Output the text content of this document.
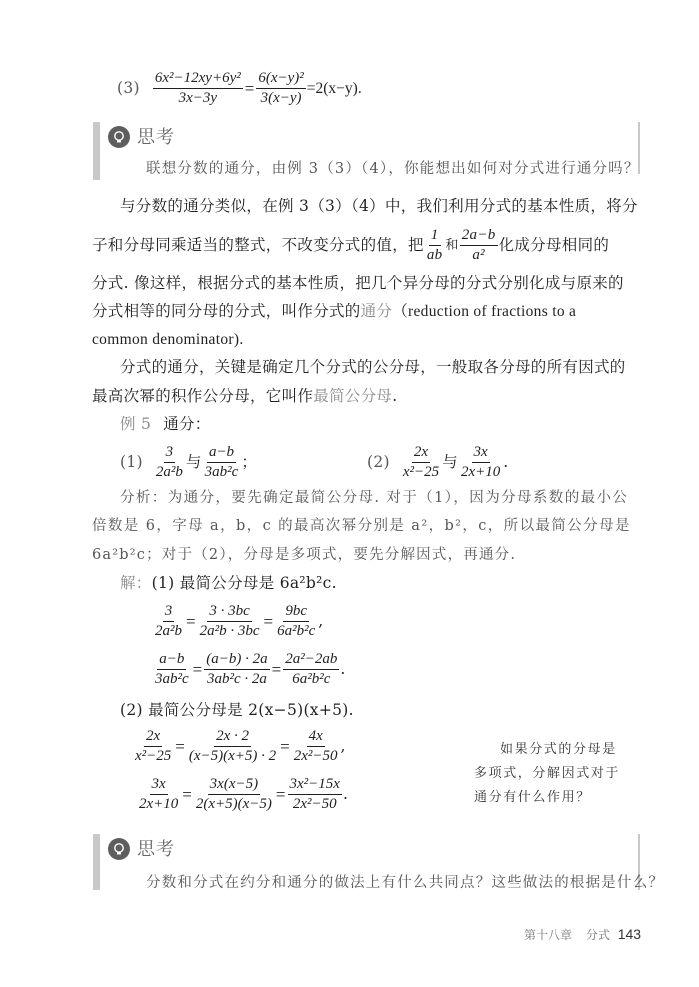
$(3) \frac{\text{6x²−12xy+6y²}}{3x-3y} = \frac{\text{6(x−y)²}}{3(x-y)} =2(x-y)$.
思考
联想分数的通分，由例 3（3）（4），你能想出如何对分式进行通分吗？
与分数的通分类似，在例 3（3）（4）中，我们利用分式的基本性质，将分
子和分母同乘适当的整式，不改变分式的值，把 $\frac{1}{ab}$ 和 $\frac{2a-b}{\text{a²}}$ 化成分母相同的
分式. 像这样，根据分式的基本性质，把几个异分母的分式分别化成与原来的
分式相等的同分母的分式，叫作分式的通分（reduction of fractions to a
common denominator).
分式的通分，关键是确定几个分式的公分母，一般取各分母的所有因式的
最高次幂的积作公分母，它叫作最简公分母.
例 5 通分：
$(1) \frac{3}{\text{2a²b}}$ 与 $\frac{a-b}{\text{3ab²c}}$ ；	$(2) \frac{2x}{\text{x²−25}}$ 与 $\frac{3x}{2x+10}$ .
分析：为通分，要先确定最简公分母. 对于（1），因为分母系数的最小公
倍数是 6，字母 a，b，c 的最高次幂分别是 a²，b²，c，所以最简公分母是
6a²b²c；对于（2），分母是多项式，要先分解因式，再通分.
解：(1) 最简公分母是 6a²b²c.
$\frac{3}{\text{2a²b}} = \frac{3 \cdot 3bc}{\text{2a²b · 3bc}} = \frac{9bc}{\text{6a²b²c}}$ ,
$\frac{a-b}{\text{3ab²c}} = \frac{(a-b) \cdot 2a}{\text{3ab²c · 2a}} = \frac{\text{2a²−2ab}}{\text{6a²b²c}}$ .
(2) 最简公分母是 2(x−5)(x+5).
$\frac{2x}{\text{x²−25}} = \frac{2x \cdot 2}{(x-5)(x+5) \cdot 2} = \frac{4x}{\text{2x²−50}}$ ,
$\frac{3x}{2x+10} = \frac{3x(x-5)}{2(x+5)(x-5)} = \frac{\text{3x²−15x}}{\text{2x²−50}}$ .
如果分式的分母是
多项式，分解因式对于
通分有什么作用？
思考
分数和分式在约分和通分的做法上有什么共同点？这些做法的根据是什么？
第十八章 分式 143
